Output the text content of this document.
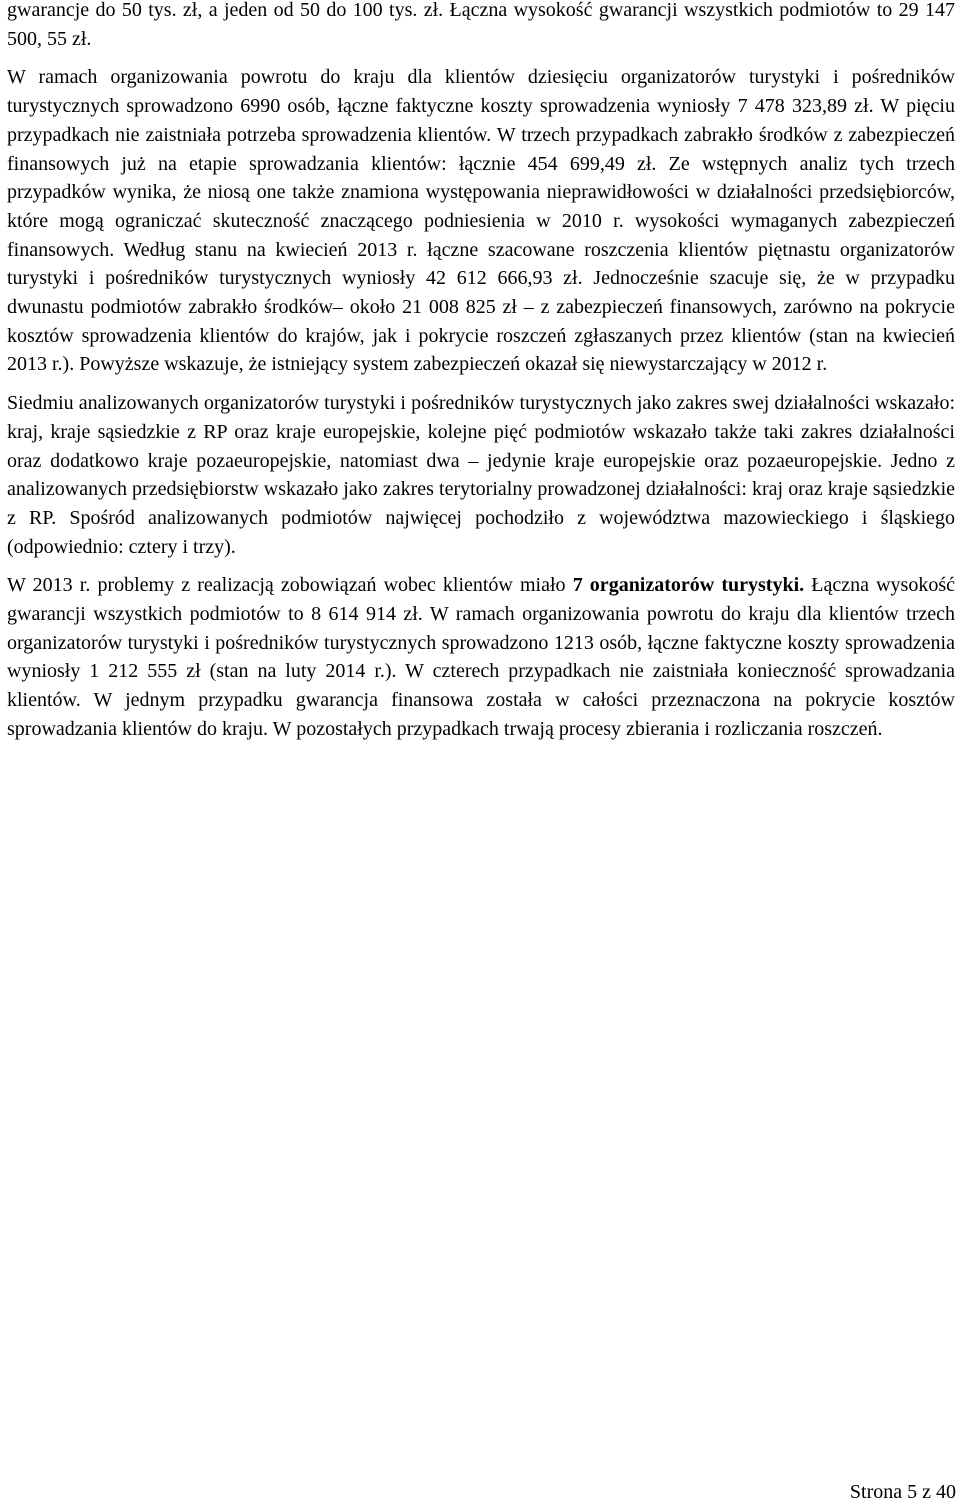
gwarancje do 50 tys. zł, a jeden od 50 do 100 tys. zł. Łączna wysokość gwarancji wszystkich podmiotów to 29 147 500, 55 zł.

W ramach organizowania powrotu do kraju dla klientów dziesięciu organizatorów turystyki i pośredników turystycznych sprowadzono 6990 osób, łączne faktyczne koszty sprowadzenia wyniosły 7 478 323,89 zł. W pięciu przypadkach nie zaistniała potrzeba sprowadzenia klientów. W trzech przypadkach zabrakło środków z zabezpieczeń finansowych już na etapie sprowadzania klientów: łącznie 454 699,49 zł. Ze wstępnych analiz tych trzech przypadków wynika, że niosą one także znamiona występowania nieprawidłowości w działalności przedsiębiorców, które mogą ograniczać skuteczność znaczącego podniesienia w 2010 r. wysokości wymaganych zabezpieczeń finansowych. Według stanu na kwiecień 2013 r. łączne szacowane roszczenia klientów piętnastu organizatorów turystyki i pośredników turystycznych wyniosły 42 612 666,93 zł. Jednocześnie szacuje się, że w przypadku dwunastu podmiotów zabrakło środków– około 21 008 825 zł – z zabezpieczeń finansowych, zarówno na pokrycie kosztów sprowadzenia klientów do krajów, jak i pokrycie roszczeń zgłaszanych przez klientów (stan na kwiecień 2013 r.). Powyższe wskazuje, że istniejący system zabezpieczeń okazał się niewystarczający w 2012 r.

Siedmiu analizowanych organizatorów turystyki i pośredników turystycznych jako zakres swej działalności wskazało: kraj, kraje sąsiedzkie z RP oraz kraje europejskie, kolejne pięć podmiotów wskazało także taki zakres działalności oraz dodatkowo kraje pozaeuropejskie, natomiast dwa – jedynie kraje europejskie oraz pozaeuropejskie. Jedno z analizowanych przedsiębiorstw wskazało jako zakres terytorialny prowadzonej działalności: kraj oraz kraje sąsiedzkie z RP. Spośród analizowanych podmiotów najwięcej pochodziło z województwa mazowieckiego i śląskiego (odpowiednio: cztery i trzy).

W 2013 r. problemy z realizacją zobowiązań wobec klientów miało 7 organizatorów turystyki. Łączna wysokość gwarancji wszystkich podmiotów to 8 614 914 zł. W ramach organizowania powrotu do kraju dla klientów trzech organizatorów turystyki i pośredników turystycznych sprowadzono 1213 osób, łączne faktyczne koszty sprowadzenia wyniosły 1 212 555 zł (stan na luty 2014 r.). W czterech przypadkach nie zaistniała konieczność sprowadzania klientów. W jednym przypadku gwarancja finansowa została w całości przeznaczona na pokrycie kosztów sprowadzania klientów do kraju. W pozostałych przypadkach trwają procesy zbierania i rozliczania roszczeń.

Strona 5 z 40
